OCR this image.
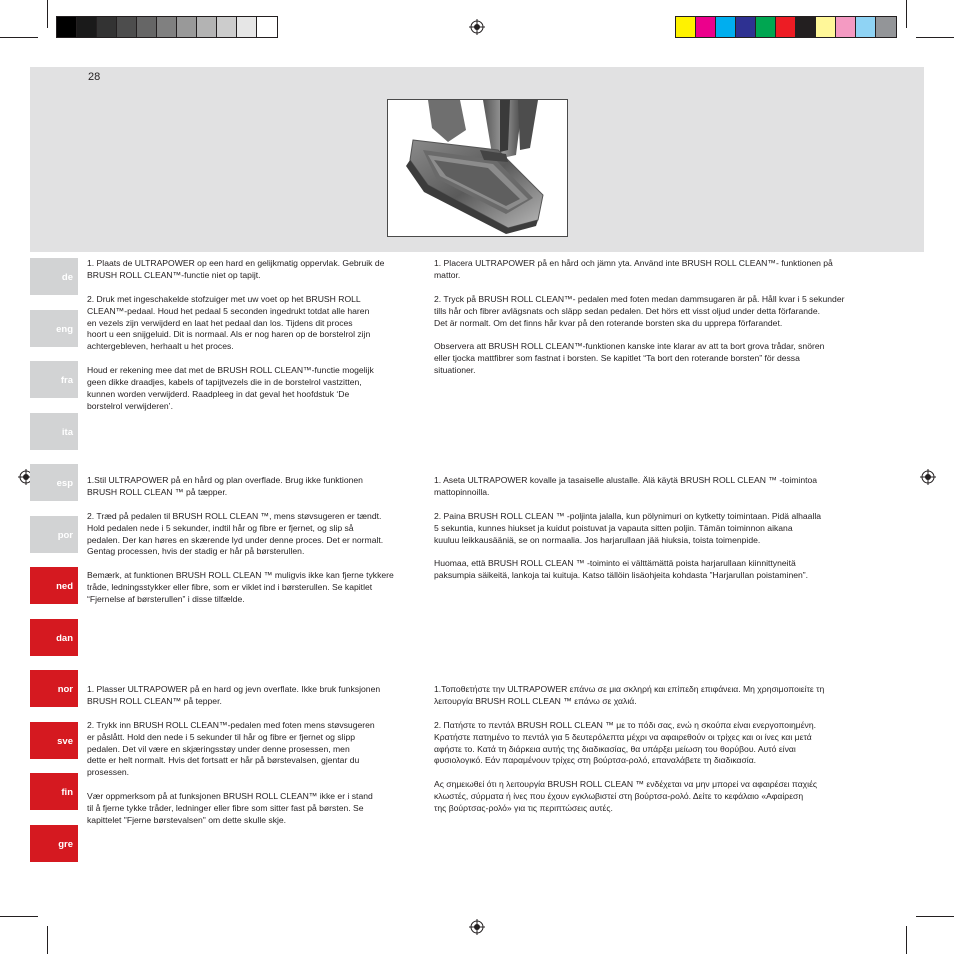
28
de
eng
fra
ita
esp
por
ned
dan
nor
sve
fin
gre

1. Plaats de ULTRAPOWER op een hard en gelijkmatig oppervlak. Gebruik de
BRUSH ROLL CLEAN™-functie niet op tapijt.

2. Druk met ingeschakelde stofzuiger met uw voet op het BRUSH ROLL
CLEAN™-pedaal. Houd het pedaal 5 seconden ingedrukt totdat alle haren
en vezels zijn verwijderd en laat het pedaal dan los. Tijdens dit proces
hoort u een snijgeluid. Dit is normaal. Als er nog haren op de borstelrol zijn
achtergebleven, herhaalt u het proces.

Houd er rekening mee dat met de BRUSH ROLL CLEAN™-functie mogelijk
geen dikke draadjes, kabels of tapijtvezels die in de borstelrol vastzitten,
kunnen worden verwijderd. Raadpleeg in dat geval het hoofdstuk ‘De
borstelrol verwijderen’.

1. Placera ULTRAPOWER på en hård och jämn yta. Använd inte BRUSH ROLL CLEAN™- funktionen på
mattor.

2. Tryck på BRUSH ROLL CLEAN™- pedalen med foten medan dammsugaren är på. Håll kvar i 5 sekunder
tills hår och fibrer avlägsnats och släpp sedan pedalen. Det hörs ett visst oljud under detta förfarande.
Det är normalt. Om det finns hår kvar på den roterande borsten ska du upprepa förfarandet.

Observera att BRUSH ROLL CLEAN™-funktionen kanske inte klarar av att ta bort grova trådar, snören
eller tjocka mattfibrer som fastnat i borsten. Se kapitlet “Ta bort den roterande borsten” för dessa
situationer.

1.Stil ULTRAPOWER på en hård og plan overflade. Brug ikke funktionen
BRUSH ROLL CLEAN ™ på tæpper.

2. Træd på pedalen til BRUSH ROLL CLEAN ™, mens støvsugeren er tændt.
Hold pedalen nede i 5 sekunder, indtil hår og fibre er fjernet, og slip så
pedalen. Der kan høres en skærende lyd under denne proces. Det er normalt.
Gentag processen, hvis der stadig er hår på børsterullen.

Bemærk, at funktionen BRUSH ROLL CLEAN ™ muligvis ikke kan fjerne tykkere
tråde, ledningsstykker eller fibre, som er viklet ind i børsterullen. Se kapitlet
“Fjernelse af børsterullen” i disse tilfælde.

1. Aseta ULTRAPOWER kovalle ja tasaiselle alustalle. Älä käytä BRUSH ROLL CLEAN ™ -toimintoa
mattopinnoilla.

2. Paina BRUSH ROLL CLEAN ™ -poljinta jalalla, kun pölynimuri on kytketty toimintaan. Pidä alhaalla
5 sekuntia, kunnes hiukset ja kuidut poistuvat ja vapauta sitten poljin. Tämän toiminnon aikana
kuuluu leikkausääniä, se on normaalia. Jos harjarullaan jää hiuksia, toista toimenpide.

Huomaa, että BRUSH ROLL CLEAN ™ -toiminto ei välttämättä poista harjarullaan kiinnittyneitä
paksumpia säikeitä, lankoja tai kuituja. Katso tällöin lisäohjeita kohdasta ”Harjarullan poistaminen”.

1. Plasser ULTRAPOWER på en hard og jevn overflate. Ikke bruk funksjonen
BRUSH ROLL CLEAN™ på tepper.

2. Trykk inn BRUSH ROLL CLEAN™-pedalen med foten mens støvsugeren
er påslått. Hold den nede i 5 sekunder til hår og fibre er fjernet og slipp
pedalen. Det vil være en skjæringsstøy under denne prosessen, men
dette er helt normalt. Hvis det fortsatt er hår på børstevalsen, gjentar du
prosessen.

Vær oppmerksom på at funksjonen BRUSH ROLL CLEAN™ ikke er i stand
til å fjerne tykke tråder, ledninger eller fibre som sitter fast på børsten. Se
kapittelet "Fjerne børstevalsen" om dette skulle skje.

1.Τοποθετήστε την ULTRAPOWER επάνω σε μια σκληρή και επίπεδη επιφάνεια. Μη χρησιμοποιείτε τη
λειτουργία BRUSH ROLL CLEAN ™ επάνω σε χαλιά.

2. Πατήστε το πεντάλ BRUSH ROLL CLEAN ™ με το πόδι σας, ενώ η σκούπα είναι ενεργοποιημένη.
Κρατήστε πατημένο το πεντάλ για 5 δευτερόλεπτα μέχρι να αφαιρεθούν οι τρίχες και οι ίνες και μετά
αφήστε το. Κατά τη διάρκεια αυτής της διαδικασίας, θα υπάρξει μείωση του θορύβου. Αυτό είναι
φυσιολογικό. Εάν παραμένουν τρίχες στη βούρτσα-ρολό, επαναλάβετε τη διαδικασία.

Ας σημειωθεί ότι η λειτουργία BRUSH ROLL CLEAN ™ ενδέχεται να μην μπορεί να αφαιρέσει παχιές
κλωστές, σύρματα ή ίνες που έχουν εγκλωβιστεί στη βούρτσα-ρολό. Δείτε το κεφάλαιο «Αφαίρεση
της βούρτσας-ρολό» για τις περιπτώσεις αυτές.
